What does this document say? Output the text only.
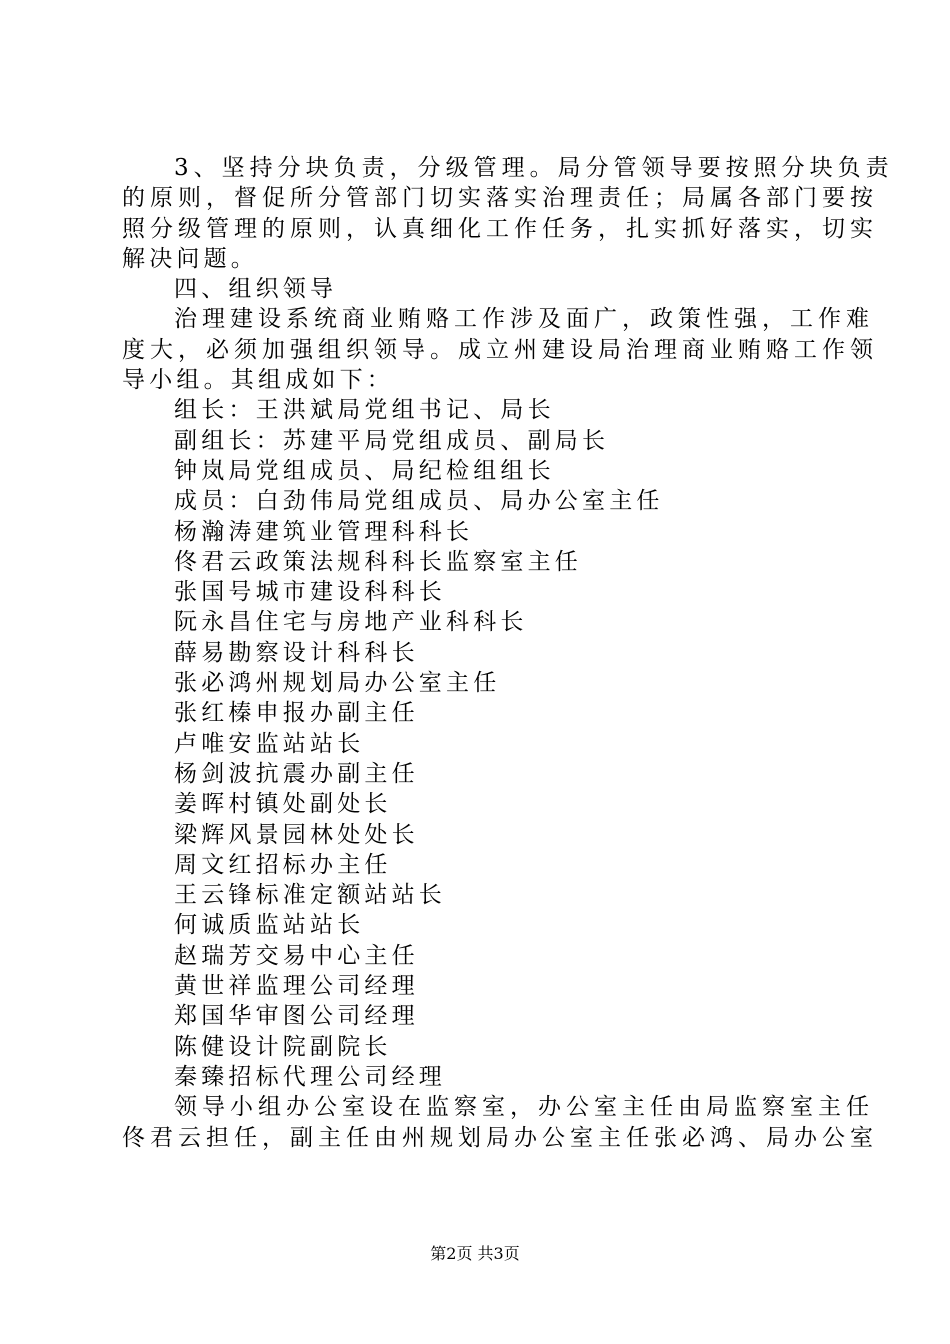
3、坚持分块负责，分级管理。局分管领导要按照分块负责
的原则，督促所分管部门切实落实治理责任；局属各部门要按
照分级管理的原则，认真细化工作任务，扎实抓好落实，切实
解决问题。
四、组织领导
治理建设系统商业贿赂工作涉及面广，政策性强，工作难
度大，必须加强组织领导。成立州建设局治理商业贿赂工作领
导小组。其组成如下：
组长：王洪斌局党组书记、局长
副组长：苏建平局党组成员、副局长
钟岚局党组成员、局纪检组组长
成员：白劲伟局党组成员、局办公室主任
杨瀚涛建筑业管理科科长
佟君云政策法规科科长监察室主任
张国号城市建设科科长
阮永昌住宅与房地产业科科长
薛易勘察设计科科长
张必鸿州规划局办公室主任
张红榛申报办副主任
卢唯安监站站长
杨剑波抗震办副主任
姜晖村镇处副处长
梁辉风景园林处处长
周文红招标办主任
王云锋标准定额站站长
何诚质监站站长
赵瑞芳交易中心主任
黄世祥监理公司经理
郑国华审图公司经理
陈健设计院副院长
秦臻招标代理公司经理
领导小组办公室设在监察室，办公室主任由局监察室主任
佟君云担任，副主任由州规划局办公室主任张必鸿、局办公室
第2页 共3页
